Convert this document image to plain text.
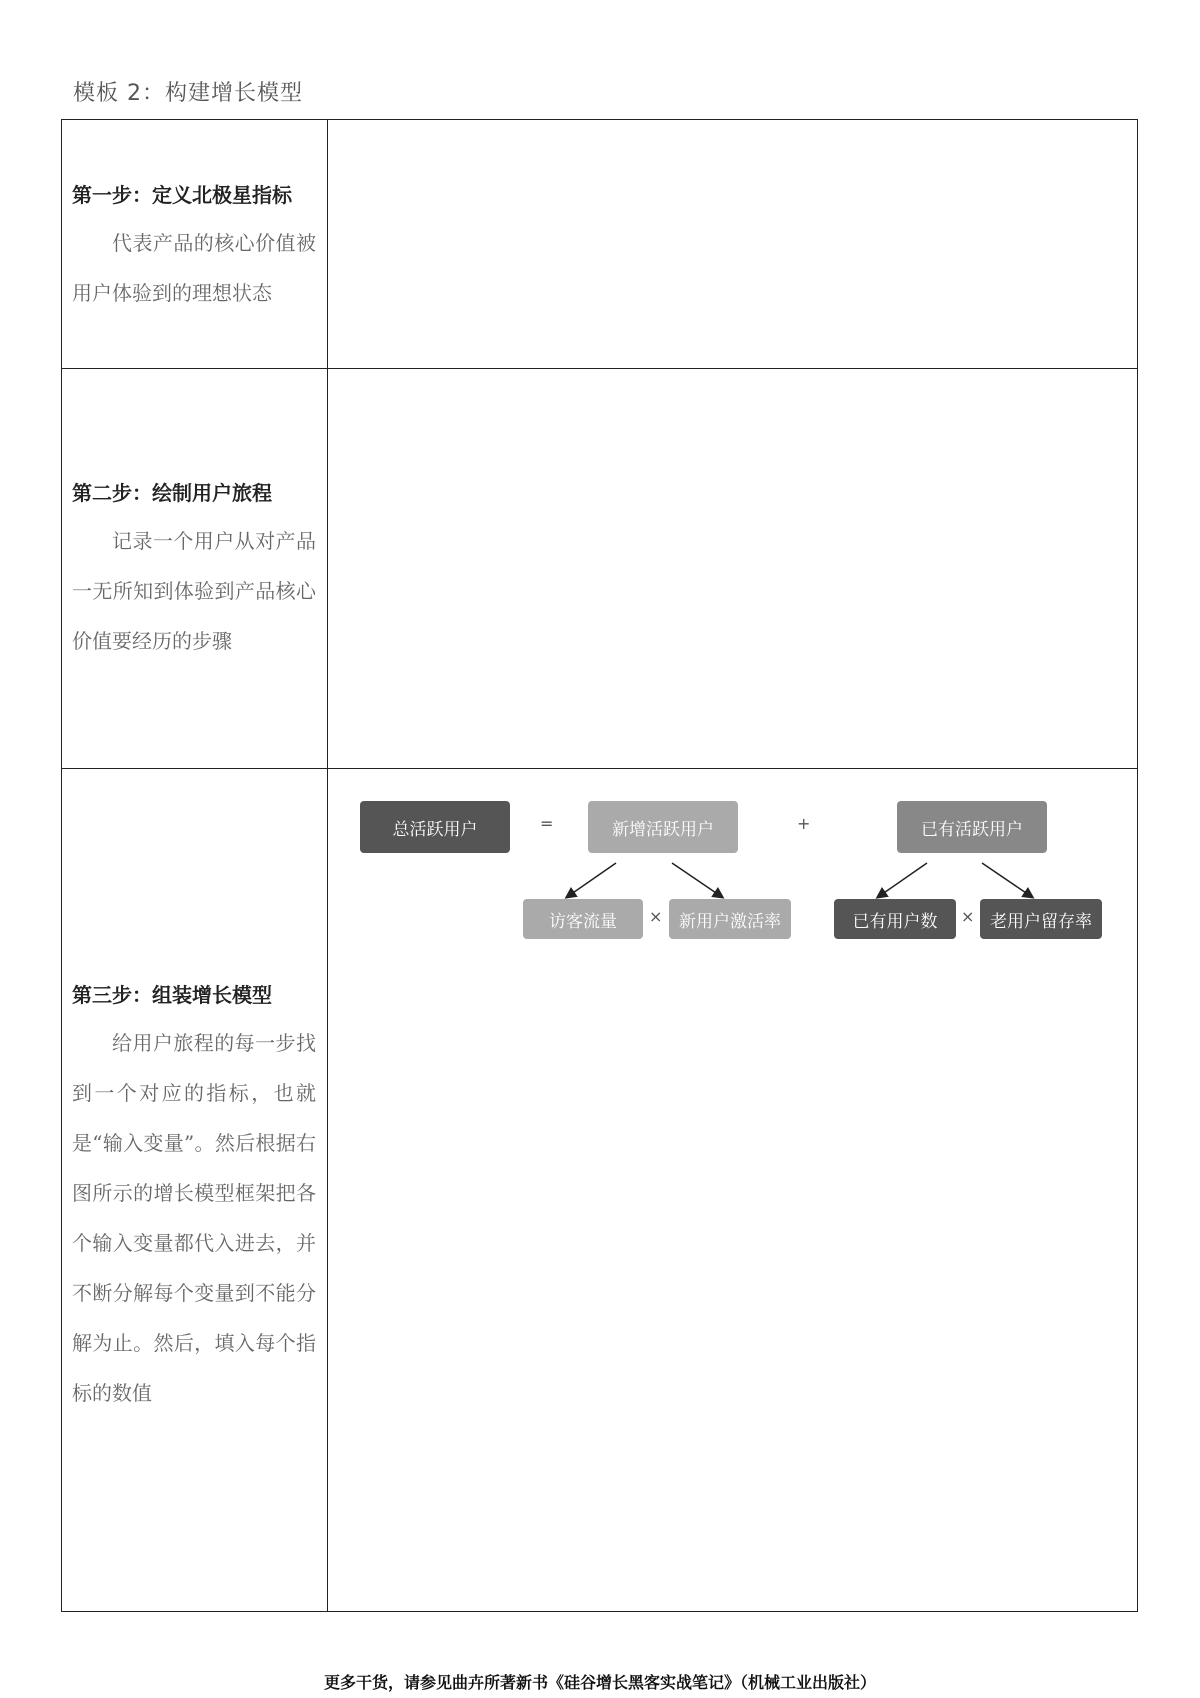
模板 2：构建增长模型
第一步：定义北极星指标
代表产品的核心价值被用户体验到的理想状态
第二步：绘制用户旅程
记录一个用户从对产品一无所知到体验到产品核心价值要经历的步骤
第三步：组装增长模型
给用户旅程的每一步找到一个对应的指标，也就是“输入变量”。然后根据右图所示的增长模型框架把各个输入变量都代入进去，并不断分解每个变量到不能分解为止。然后，填入每个指标的数值
总活跃用户	=	新增活跃用户	+	已有活跃用户
访客流量	× 新用户激活率	已有用户数	× 老用户留存率
更多干货，请参见曲卉所著新书《硅谷增长黑客实战笔记》（机械工业出版社）
